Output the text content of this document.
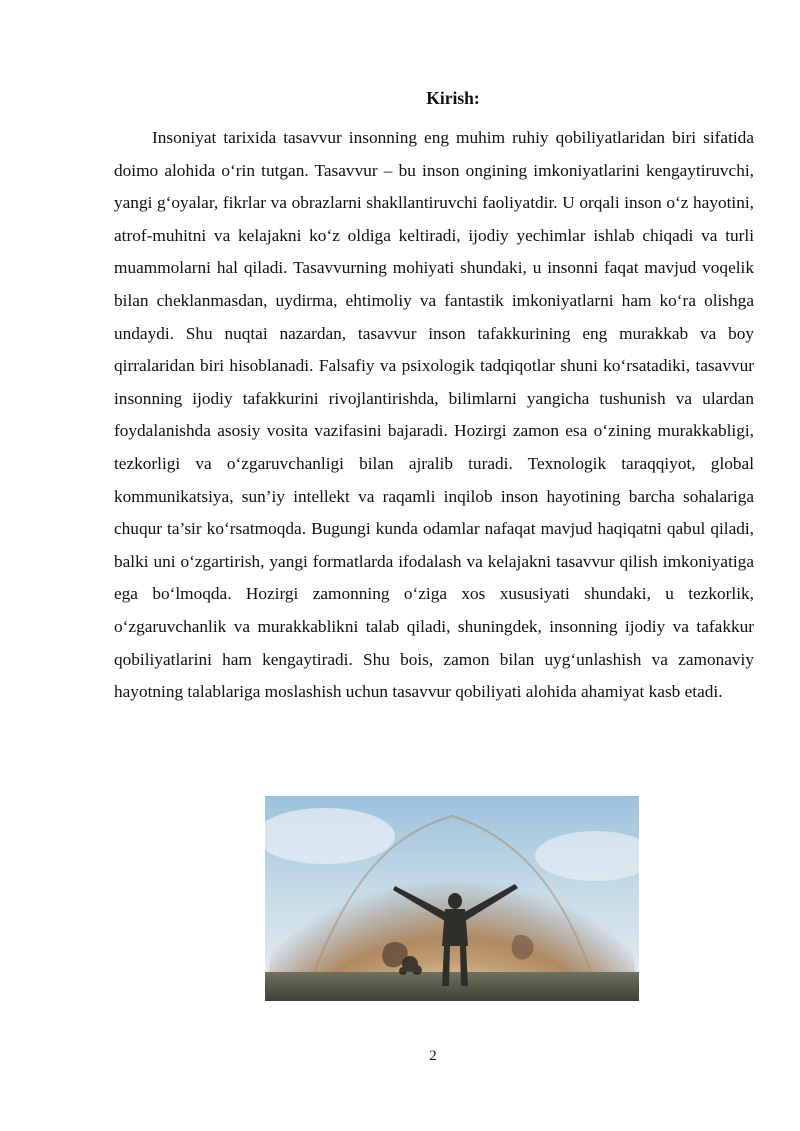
Kirish:

Insoniyat tarixida tasavvur insonning eng muhim ruhiy qobiliyatlaridan biri sifatida doimo alohida o‘rin tutgan. Tasavvur – bu inson ongining imkoniyatlarini kengaytiruvchi, yangi g‘oyalar, fikrlar va obrazlarni shakllantiruvchi faoliyatdir. U orqali inson o‘z hayotini, atrof-muhitni va kelajakni ko‘z oldiga keltiradi, ijodiy yechimlar ishlab chiqadi va turli muammolarni hal qiladi. Tasavvurning mohiyati shundaki, u insonni faqat mavjud voqelik bilan cheklanmasdan, uydirma, ehtimoliy va fantastik imkoniyatlarni ham ko‘ra olishga undaydi. Shu nuqtai nazardan, tasavvur inson tafakkurining eng murakkab va boy qirralaridan biri hisoblanadi. Falsafiy va psixologik tadqiqotlar shuni ko‘rsatadiki, tasavvur insonning ijodiy tafakkurini rivojlantirishda, bilimlarni yangicha tushunish va ulardan foydalanishda asosiy vosita vazifasini bajaradi. Hozirgi zamon esa o‘zining murakkabligi, tezkorligi va o‘zgaruvchanligi bilan ajralib turadi. Texnologik taraqqiyot, global kommunikatsiya, sun’iy intellekt va raqamli inqilob inson hayotining barcha sohalariga chuqur ta’sir ko‘rsatmoqda. Bugungi kunda odamlar nafaqat mavjud haqiqatni qabul qiladi, balki uni o‘zgartirish, yangi formatlarda ifodalash va kelajakni tasavvur qilish imkoniyatiga ega bo‘lmoqda. Hozirgi zamonning o‘ziga xos xususiyati shundaki, u tezkorlik, o‘zgaruvchanlik va murakkablikni talab qiladi, shuningdek, insonning ijodiy va tafakkur qobiliyatlarini ham kengaytiradi. Shu bois, zamon bilan uyg‘unlashish va zamonaviy hayotning talablariga moslashish uchun tasavvur qobiliyati alohida ahamiyat kasb etadi.

2
